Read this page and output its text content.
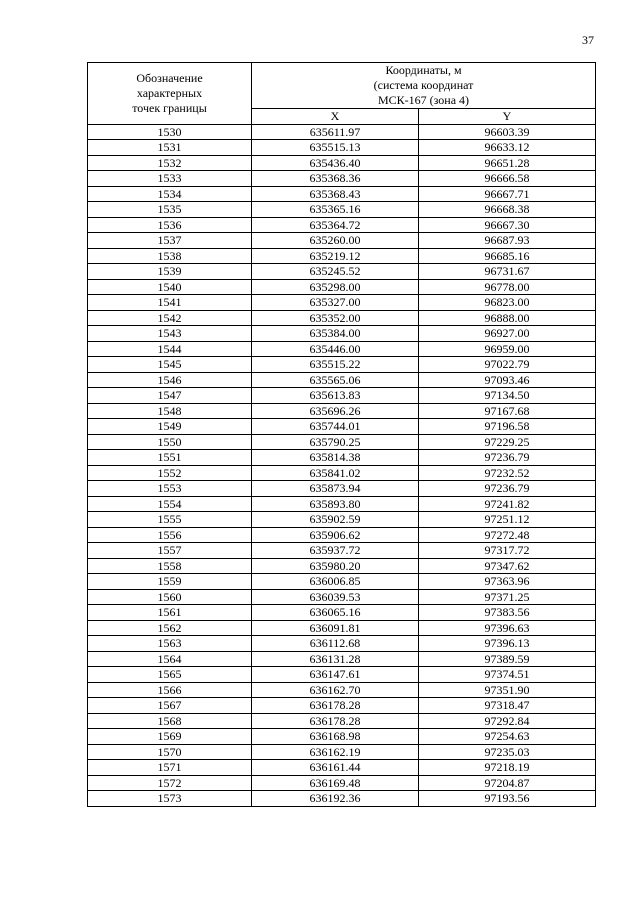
37
Обозначение
характерных
точек границы	Координаты, м
(система координат
МСК-167 (зона 4)	
	X	Y
1530	635611.97	96603.39
1531	635515.13	96633.12
1532	635436.40	96651.28
1533	635368.36	96666.58
1534	635368.43	96667.71
1535	635365.16	96668.38
1536	635364.72	96667.30
1537	635260.00	96687.93
1538	635219.12	96685.16
1539	635245.52	96731.67
1540	635298.00	96778.00
1541	635327.00	96823.00
1542	635352.00	96888.00
1543	635384.00	96927.00
1544	635446.00	96959.00
1545	635515.22	97022.79
1546	635565.06	97093.46
1547	635613.83	97134.50
1548	635696.26	97167.68
1549	635744.01	97196.58
1550	635790.25	97229.25
1551	635814.38	97236.79
1552	635841.02	97232.52
1553	635873.94	97236.79
1554	635893.80	97241.82
1555	635902.59	97251.12
1556	635906.62	97272.48
1557	635937.72	97317.72
1558	635980.20	97347.62
1559	636006.85	97363.96
1560	636039.53	97371.25
1561	636065.16	97383.56
1562	636091.81	97396.63
1563	636112.68	97396.13
1564	636131.28	97389.59
1565	636147.61	97374.51
1566	636162.70	97351.90
1567	636178.28	97318.47
1568	636178.28	97292.84
1569	636168.98	97254.63
1570	636162.19	97235.03
1571	636161.44	97218.19
1572	636169.48	97204.87
1573	636192.36	97193.56
